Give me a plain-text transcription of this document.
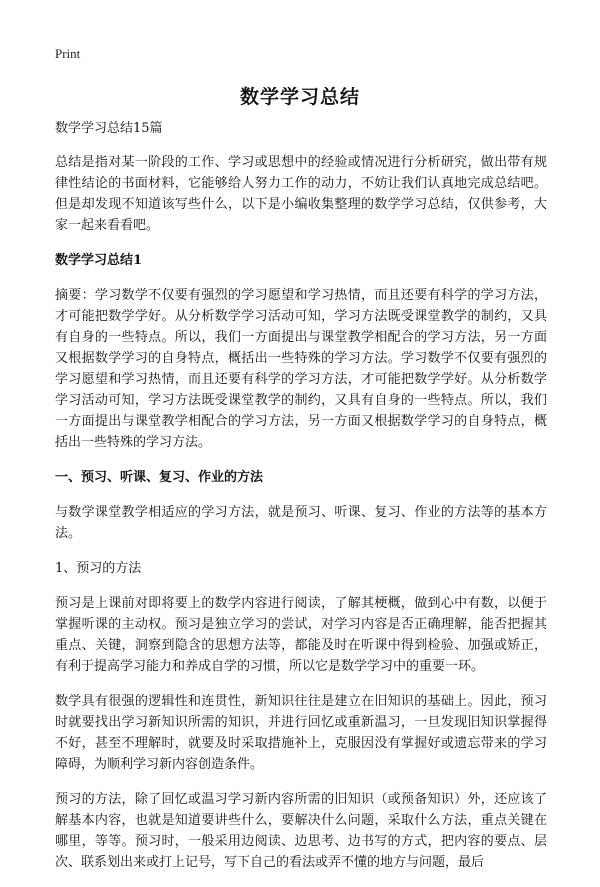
Print
数学学习总结

数学学习总结15篇

总结是指对某一阶段的工作、学习或思想中的经验或情况进行分析研究，做出带有规律性结论的书面材料，它能够给人努力工作的动力，不妨让我们认真地完成总结吧。但是却发现不知道该写些什么，以下是小编收集整理的数学学习总结，仅供参考，大家一起来看看吧。

数学学习总结1

摘要：学习数学不仅要有强烈的学习愿望和学习热情，而且还要有科学的学习方法，才可能把数学学好。从分析数学学习活动可知，学习方法既受课堂教学的制约，又具有自身的一些特点。所以，我们一方面提出与课堂教学相配合的学习方法，另一方面又根据数学学习的自身特点，概括出一些特殊的学习方法。学习数学不仅要有强烈的学习愿望和学习热情，而且还要有科学的学习方法，才可能把数学学好。从分析数学学习活动可知，学习方法既受课堂教学的制约，又具有自身的一些特点。所以，我们一方面提出与课堂教学相配合的学习方法，另一方面又根据数学学习的自身特点，概括出一些特殊的学习方法。

一、预习、听课、复习、作业的方法

与数学课堂教学相适应的学习方法，就是预习、听课、复习、作业的方法等的基本方法。

1、预习的方法

预习是上课前对即将要上的数学内容进行阅读，了解其梗概，做到心中有数，以便于掌握听课的主动权。预习是独立学习的尝试，对学习内容是否正确理解，能否把握其重点、关键，洞察到隐含的思想方法等，都能及时在听课中得到检验、加强或矫正，有利于提高学习能力和养成自学的习惯，所以它是数学学习中的重要一环。

数学具有很强的逻辑性和连贯性，新知识往往是建立在旧知识的基础上。因此，预习时就要找出学习新知识所需的知识，并进行回忆或重新温习，一旦发现旧知识掌握得不好，甚至不理解时，就要及时采取措施补上，克服因没有掌握好或遗忘带来的学习障碍，为顺利学习新内容创造条件。

预习的方法，除了回忆或温习学习新内容所需的旧知识（或预备知识）外，还应该了解基本内容，也就是知道要讲些什么，要解决什么问题，采取什么方法，重点关键在哪里，等等。预习时，一般采用边阅读、边思考、边书写的方式，把内容的要点、层次、联系划出来或打上记号，写下自己的看法或弄不懂的地方与问题，最后
